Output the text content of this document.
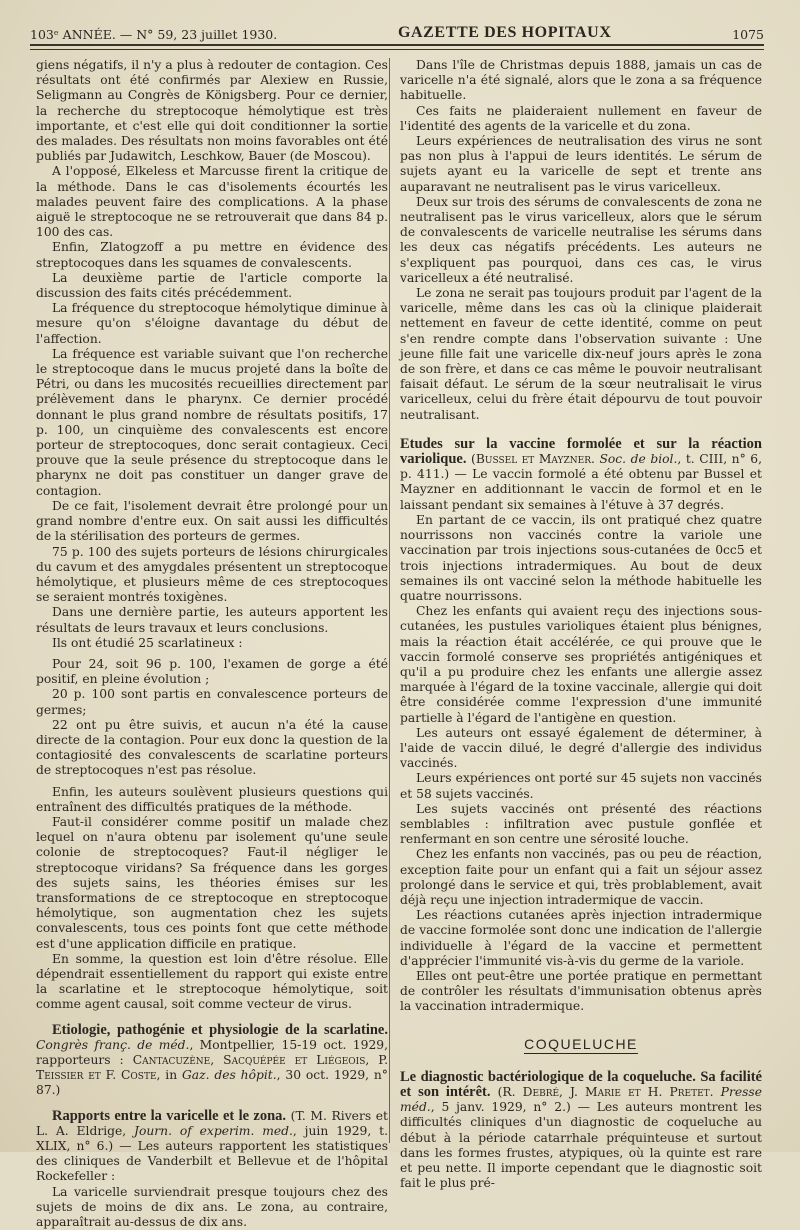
103ᵉ ANNÉE. — N° 59, 23 juillet 1930.	GAZETTE DES HOPITAUX	1075

giens négatifs, il n'y a plus à redouter de contagion. Ces résultats ont été confirmés par Alexiew en Russie, Seligmann au Congrès de Königsberg. Pour ce dernier, la recherche du streptocoque hémolytique est très importante, et c'est elle qui doit conditionner la sortie des malades. Des résultats non moins favorables ont été publiés par Judawitch, Leschkow, Bauer (de Moscou).

A l'opposé, Elkeless et Marcusse firent la critique de la méthode. Dans le cas d'isolements écourtés les malades peuvent faire des complications. A la phase aiguë le streptocoque ne se retrouverait que dans 84 p. 100 des cas.

Enfin, Zlatogzoff a pu mettre en évidence des streptocoques dans les squames de convalescents.

La deuxième partie de l'article comporte la discussion des faits cités précédemment.

La fréquence du streptocoque hémolytique diminue à mesure qu'on s'éloigne davantage du début de l'affection.

La fréquence est variable suivant que l'on recherche le streptocoque dans le mucus projeté dans la boîte de Pétri, ou dans les mucosités recueillies directement par prélèvement dans le pharynx. Ce dernier procédé donnant le plus grand nombre de résultats positifs, 17 p. 100, un cinquième des convalescents est encore porteur de streptocoques, donc serait contagieux. Ceci prouve que la seule présence du streptocoque dans le pharynx ne doit pas constituer un danger grave de contagion.

De ce fait, l'isolement devrait être prolongé pour un grand nombre d'entre eux. On sait aussi les difficultés de la stérilisation des porteurs de germes.

75 p. 100 des sujets porteurs de lésions chirurgicales du cavum et des amygdales présentent un streptocoque hémolytique, et plusieurs même de ces streptocoques se seraient montrés toxigènes.

Dans une dernière partie, les auteurs apportent les résultats de leurs travaux et leurs conclusions.

Ils ont étudié 25 scarlatineux :

Pour 24, soit 96 p. 100, l'examen de gorge a été positif, en pleine évolution ;

20 p. 100 sont partis en convalescence porteurs de germes;

22 ont pu être suivis, et aucun n'a été la cause directe de la contagion. Pour eux donc la question de la contagiosité des convalescents de scarlatine porteurs de streptocoques n'est pas résolue.

Enfin, les auteurs soulèvent plusieurs questions qui entraînent des difficultés pratiques de la méthode.

Faut-il considérer comme positif un malade chez lequel on n'aura obtenu par isolement qu'une seule colonie de streptocoques? Faut-il négliger le streptocoque viridans? Sa fréquence dans les gorges des sujets sains, les théories émises sur les transformations de ce streptocoque en streptocoque hémolytique, son augmentation chez les sujets convalescents, tous ces points font que cette méthode est d'une application difficile en pratique.

En somme, la question est loin d'être résolue. Elle dépendrait essentiellement du rapport qui existe entre la scarlatine et le streptocoque hémolytique, soit comme agent causal, soit comme vecteur de virus.

Etiologie, pathogénie et physiologie de la scarlatine. Congrès franç. de méd., Montpellier, 15-19 oct. 1929, rapporteurs : Cantacuzène, Sacquépée et Liégeois, P. Teissier et F. Coste, in Gaz. des hôpit., 30 oct. 1929, n° 87.)

Rapports entre la varicelle et le zona. (T. M. Rivers et L. A. Eldrige, Journ. of experim. med., juin 1929, t. XLIX, n° 6.) — Les auteurs rapportent les statistiques des cliniques de Vanderbilt et Bellevue et de l'hôpital Rockefeller :

La varicelle surviendrait presque toujours chez des sujets de moins de dix ans. Le zona, au contraire, apparaîtrait au-dessus de dix ans.

Dans l'île de Christmas depuis 1888, jamais un cas de varicelle n'a été signalé, alors que le zona a sa fréquence habituelle.

Ces faits ne plaideraient nullement en faveur de l'identité des agents de la varicelle et du zona.

Leurs expériences de neutralisation des virus ne sont pas non plus à l'appui de leurs identités. Le sérum de sujets ayant eu la varicelle de sept et trente ans auparavant ne neutralisent pas le virus varicelleux.

Deux sur trois des sérums de convalescents de zona ne neutralisent pas le virus varicelleux, alors que le sérum de convalescents de varicelle neutralise les sérums dans les deux cas négatifs précédents. Les auteurs ne s'expliquent pas pourquoi, dans ces cas, le virus varicelleux a été neutralisé.

Le zona ne serait pas toujours produit par l'agent de la varicelle, même dans les cas où la clinique plaiderait nettement en faveur de cette identité, comme on peut s'en rendre compte dans l'observation suivante : Une jeune fille fait une varicelle dix-neuf jours après le zona de son frère, et dans ce cas même le pouvoir neutralisant faisait défaut. Le sérum de la sœur neutralisait le virus varicelleux, celui du frère était dépourvu de tout pouvoir neutralisant.

Etudes sur la vaccine formolée et sur la réaction variolique. (Bussel et Mayzner. Soc. de biol., t. CIII, n° 6, p. 411.) — Le vaccin formolé a été obtenu par Bussel et Mayzner en additionnant le vaccin de formol et en le laissant pendant six semaines à l'étuve à 37 degrés.

En partant de ce vaccin, ils ont pratiqué chez quatre nourrissons non vaccinés contre la variole une vaccination par trois injections sous-cutanées de 0cc5 et trois injections intradermiques. Au bout de deux semaines ils ont vacciné selon la méthode habituelle les quatre nourrissons.

Chez les enfants qui avaient reçu des injections sous-cutanées, les pustules varioliques étaient plus bénignes, mais la réaction était accélérée, ce qui prouve que le vaccin formolé conserve ses propriétés antigéniques et qu'il a pu produire chez les enfants une allergie assez marquée à l'égard de la toxine vaccinale, allergie qui doit être considérée comme l'expression d'une immunité partielle à l'égard de l'antigène en question.

Les auteurs ont essayé également de déterminer, à l'aide de vaccin dilué, le degré d'allergie des individus vaccinés.

Leurs expériences ont porté sur 45 sujets non vaccinés et 58 sujets vaccinés.

Les sujets vaccinés ont présenté des réactions semblables : infiltration avec pustule gonflée et renfermant en son centre une sérosité louche.

Chez les enfants non vaccinés, pas ou peu de réaction, exception faite pour un enfant qui a fait un séjour assez prolongé dans le service et qui, très problablement, avait déjà reçu une injection intradermique de vaccin.

Les réactions cutanées après injection intradermique de vaccine formolée sont donc une indication de l'allergie individuelle à l'égard de la vaccine et permettent d'apprécier l'immunité vis-à-vis du germe de la variole.

Elles ont peut-être une portée pratique en permettant de contrôler les résultats d'immunisation obtenus après la vaccination intradermique.

COQUELUCHE

Le diagnostic bactériologique de la coqueluche. Sa facilité et son intérêt. (R. Debré, J. Marie et H. Pretet. Presse méd., 5 janv. 1929, n° 2.) — Les auteurs montrent les difficultés cliniques d'un diagnostic de coqueluche au début à la période catarrhale préquinteuse et surtout dans les formes frustes, atypiques, où la quinte est rare et peu nette. Il importe cependant que le diagnostic soit fait le plus pré-
